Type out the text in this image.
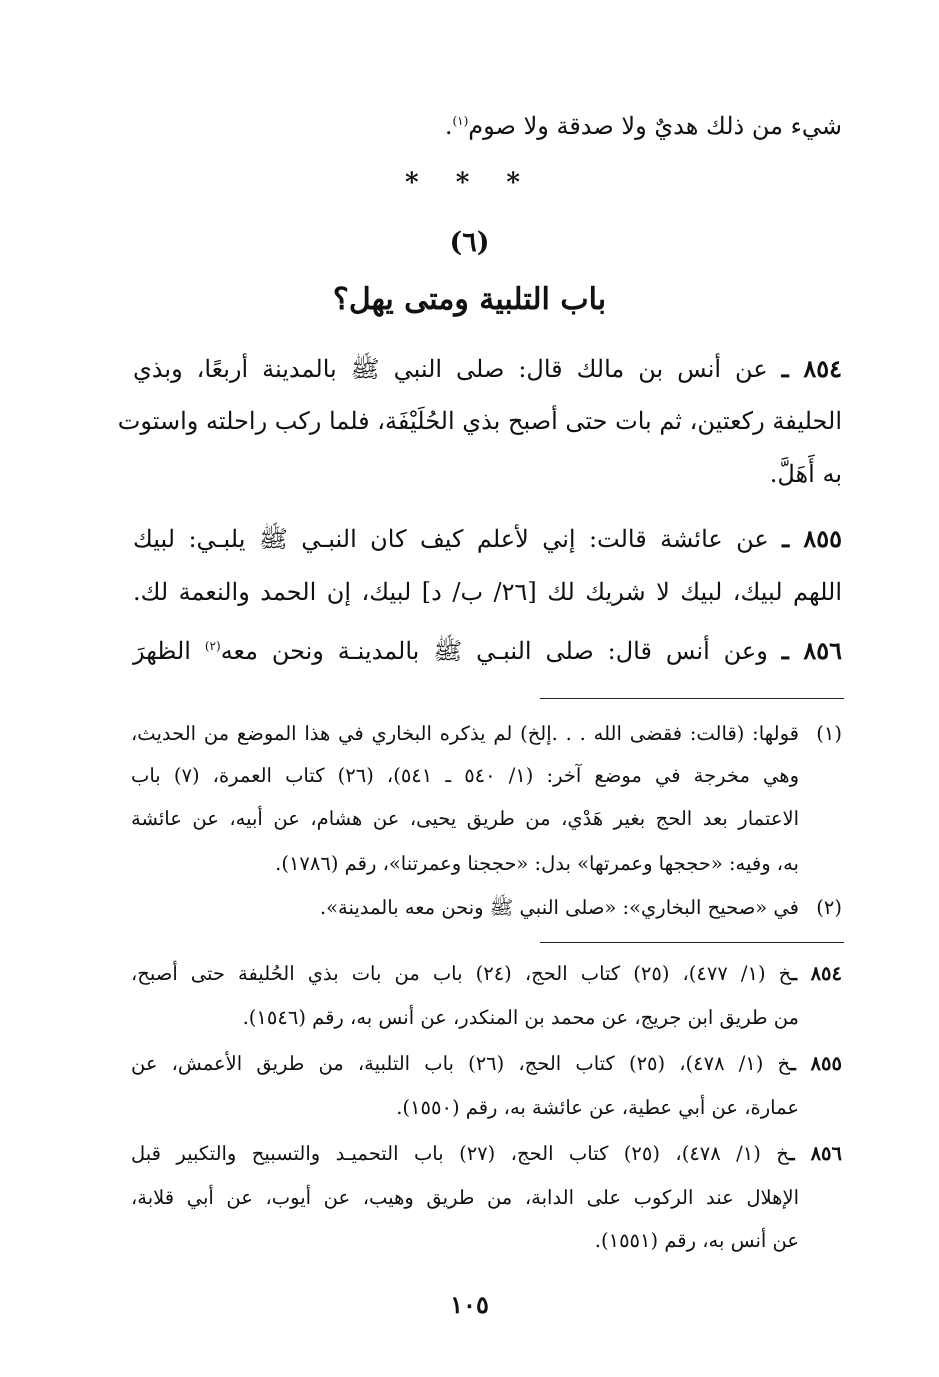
شيء من ذلك هديٌ ولا صدقة ولا صوم$^{(١)}$.
* * *
(٦)
باب التلبية ومتى يهل؟
٨٥٤ ـ عن أنس بن مالك قال: صلى النبي ﷺ بالمدينة أربعًا، وبذي
الحليفة ركعتين، ثم بات حتى أصبح بذي الحُلَيْفَة، فلما ركب راحلته واستوت
به أَهَلَّ.
٨٥٥ ـ عن عائشة قالت: إني لأعلم كيف كان النبـي ﷺ يلبـي: لبيك
اللهم لبيك، لبيك لا شريك لك [٢٦/ ب/ د] لبيك، إن الحمد والنعمة لك.
٨٥٦ ـ وعن أنس قال: صلى النبـي ﷺ بالمدينـة ونحن معه$^{(٢)}$ الظهرَ
(١)
قولها: (قالت: فقضى الله . . .إلخ) لم يذكره البخاري في هذا الموضع من الحديث،
وهي مخرجة في موضع آخر: (١/ ٥٤٠ ـ ٥٤١)، (٢٦) كتاب العمرة، (٧) باب
الاعتمار بعد الحج بغير هَدْي، من طريق يحيى، عن هشام، عن أبيه، عن عائشة
به، وفيه: «حججها وعمرتها» بدل: «حججنا وعمرتنا»، رقم (١٧٨٦).
(٢)
في «صحيح البخاري»: «صلى النبي ﷺ ونحن معه بالمدينة».
٨٥٤ ـخ (١/ ٤٧٧)، (٢٥) كتاب الحج، (٢٤) باب من بات بذي الحُليفة حتى أصبح،
من طريق ابن جريج، عن محمد بن المنكدر، عن أنس به، رقم (١٥٤٦).
٨٥٥ ـخ (١/ ٤٧٨)، (٢٥) كتاب الحج، (٢٦) باب التلبية، من طريق الأعمش، عن
عمارة، عن أبي عطية، عن عائشة به، رقم (١٥٥٠).
٨٥٦ ـخ (١/ ٤٧٨)، (٢٥) كتاب الحج، (٢٧) باب التحميـد والتسبيح والتكبير قبل
الإهلال عند الركوب على الدابة، من طريق وهيب، عن أيوب، عن أبي قلابة،
عن أنس به، رقم (١٥٥١).
١٠٥
